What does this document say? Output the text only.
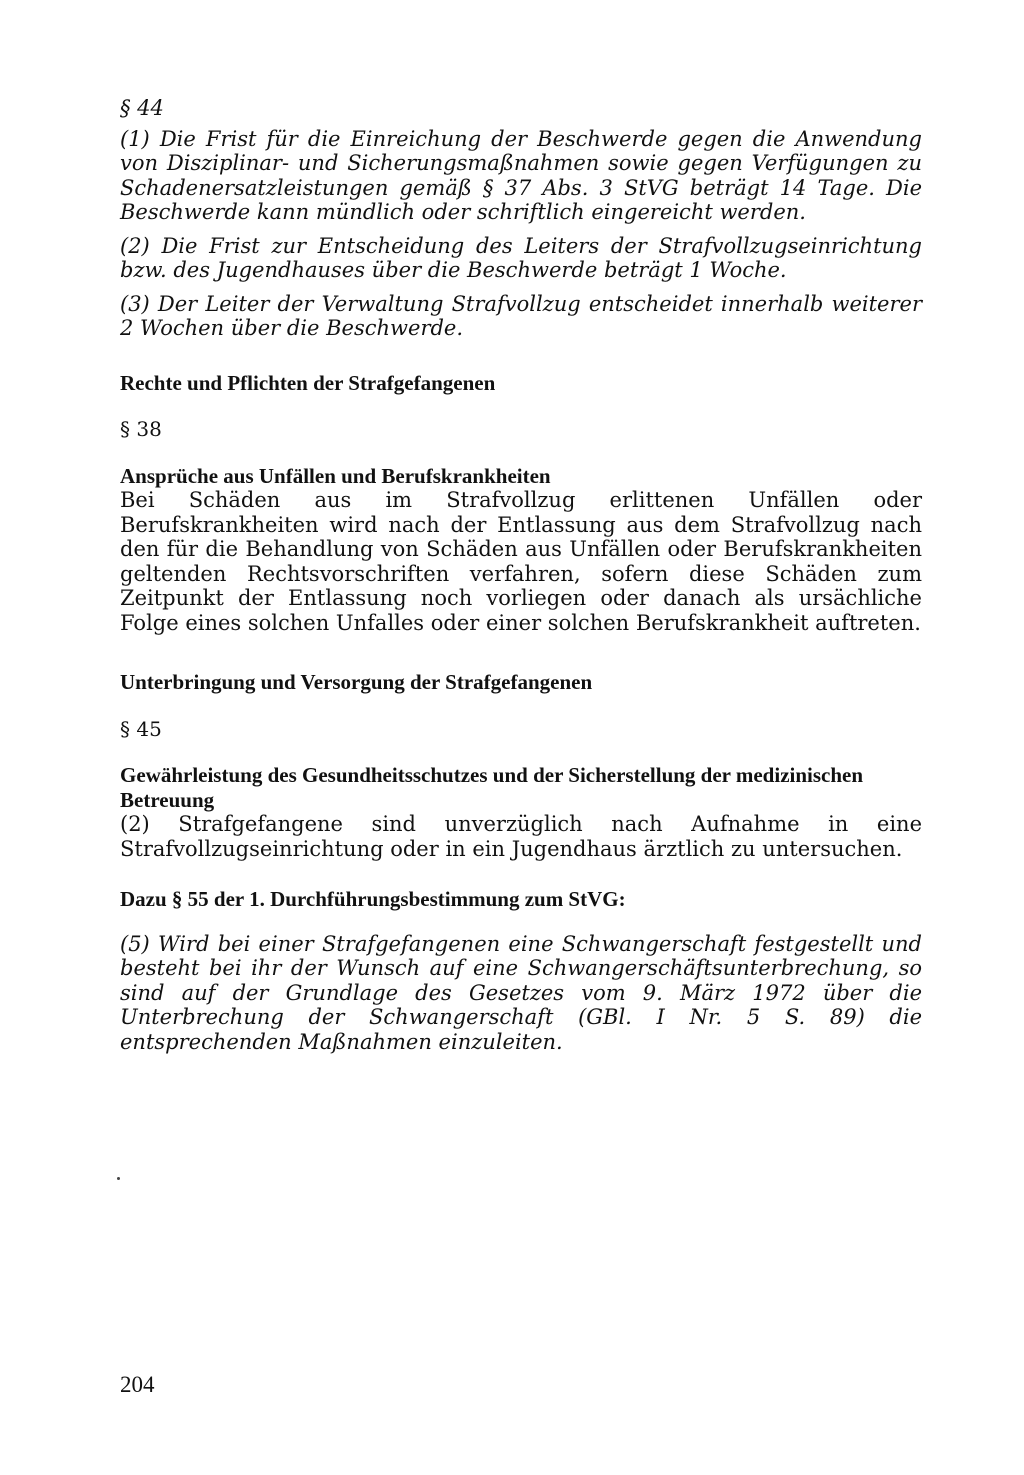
§ 44

(1) Die Frist für die Einreichung der Beschwerde gegen die Anwendung von Disziplinar- und Sicherungsmaßnahmen sowie gegen Verfügungen zu Schadenersatzleistungen gemäß § 37 Abs. 3 StVG beträgt 14 Tage. Die Beschwerde kann mündlich oder schriftlich eingereicht werden.

(2) Die Frist zur Entscheidung des Leiters der Strafvollzugseinrichtung bzw. des Jugendhauses über die Beschwerde beträgt 1 Woche.

(3) Der Leiter der Verwaltung Strafvollzug entscheidet innerhalb weiterer 2 Wochen über die Beschwerde.

Rechte und Pflichten der Strafgefangenen

§ 38

Ansprüche aus Unfällen und Berufskrankheiten

Bei Schäden aus im Strafvollzug erlittenen Unfällen oder Berufskrankheiten wird nach der Entlassung aus dem Strafvollzug nach den für die Behandlung von Schäden aus Unfällen oder Berufskrankheiten geltenden Rechtsvorschriften verfahren, sofern diese Schäden zum Zeitpunkt der Entlassung noch vorliegen oder danach als ursächliche Folge eines solchen Unfalles oder einer solchen Berufskrankheit auftreten.

Unterbringung und Versorgung der Strafgefangenen

§ 45

Gewährleistung des Gesundheitsschutzes und der Sicherstellung der medizinischen Betreuung

(2) Strafgefangene sind unverzüglich nach Aufnahme in eine Strafvollzugseinrichtung oder in ein Jugendhaus ärztlich zu untersuchen.

Dazu § 55 der 1. Durchführungsbestimmung zum StVG:

(5) Wird bei einer Strafgefangenen eine Schwangerschaft festgestellt und besteht bei ihr der Wunsch auf eine Schwangerschäftsunterbrechung, so sind auf der Grundlage des Gesetzes vom 9. März 1972 über die Unterbrechung der Schwangerschaft (GBl. I Nr. 5 S. 89) die entsprechenden Maßnahmen einzuleiten.

204
